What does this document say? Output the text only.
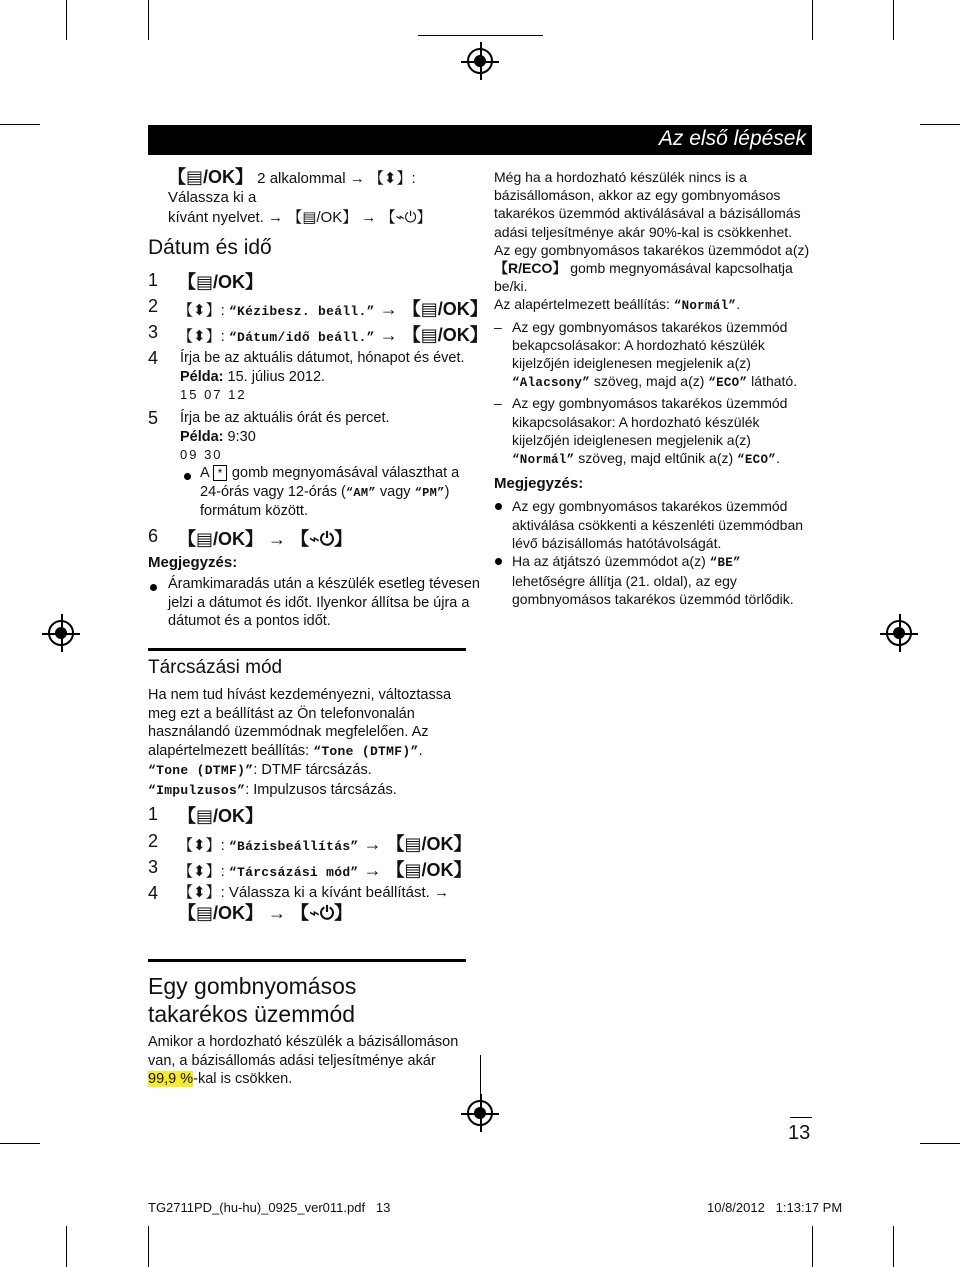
Az első lépések
【▤/OK】 2 alkalommal → 【⬍】: Válassza ki a
kívánt nyelvet. → 【▤/OK】 → 【⌁⏻】
Dátum és idő
1 【▤/OK】
2 【⬍】: “Kézibesz. beáll.” → 【▤/OK】
3 【⬍】: “Dátum/idő beáll.” → 【▤/OK】
4 Írja be az aktuális dátumot, hónapot és évet.
Példa: 15. július 2012.
15 07 12
5 Írja be az aktuális órát és percet.
Példa: 9:30
09 30
A * gomb megnyomásával választhat a
24-órás vagy 12-órás (“AM” vagy “PM”)
formátum között.
6 【▤/OK】 → 【⌁⏻】
Megjegyzés:
Áramkimaradás után a készülék esetleg tévesen
jelzi a dátumot és időt. Ilyenkor állítsa be újra a
dátumot és a pontos időt.
Tárcsázási mód
Ha nem tud hívást kezdeményezni, változtassa
meg ezt a beállítást az Ön telefonvonalán
használandó üzemmódnak megfelelően. Az
alapértelmezett beállítás: “Tone (DTMF)”.
“Tone (DTMF)”: DTMF tárcsázás.
“Impulzusos”: Impulzusos tárcsázás.
1 【▤/OK】
2 【⬍】: “Bázisbeállítás” → 【▤/OK】
3 【⬍】: “Tárcsázási mód” → 【▤/OK】
4 【⬍】: Válassza ki a kívánt beállítást. →
【▤/OK】 → 【⌁⏻】
Egy gombnyomásos
takarékos üzemmód
Amikor a hordozható készülék a bázisállomáson
van, a bázisállomás adási teljesítménye akár
99,9 %-kal is csökken.
Még ha a hordozható készülék nincs is a
bázisállomáson, akkor az egy gombnyomásos
takarékos üzemmód aktiválásával a bázisállomás
adási teljesítménye akár 90%-kal is csökkenhet.
Az egy gombnyomásos takarékos üzemmódot a(z)
【R/ECO】 gomb megnyomásával kapcsolhatja be/ki.
Az alapértelmezett beállítás: “Normál”.
– Az egy gombnyomásos takarékos üzemmód
bekapcsolásakor: A hordozható készülék
kijelzőjén ideiglenesen megjelenik a(z)
“Alacsony” szöveg, majd a(z) “ECO” látható.
– Az egy gombnyomásos takarékos üzemmód
kikapcsolásakor: A hordozható készülék
kijelzőjén ideiglenesen megjelenik a(z)
“Normál” szöveg, majd eltűnik a(z) “ECO”.
Megjegyzés:
Az egy gombnyomásos takarékos üzemmód
aktiválása csökkenti a készenléti üzemmódban
lévő bázisállomás hatótávolságát.
Ha az átjátszó üzemmódot a(z) “BE”
lehetőségre állítja (21. oldal), az egy
gombnyomásos takarékos üzemmód törlődik.
13
TG2711PD_(hu-hu)_0925_ver011.pdf   13	10/8/2012   1:13:17 PM
